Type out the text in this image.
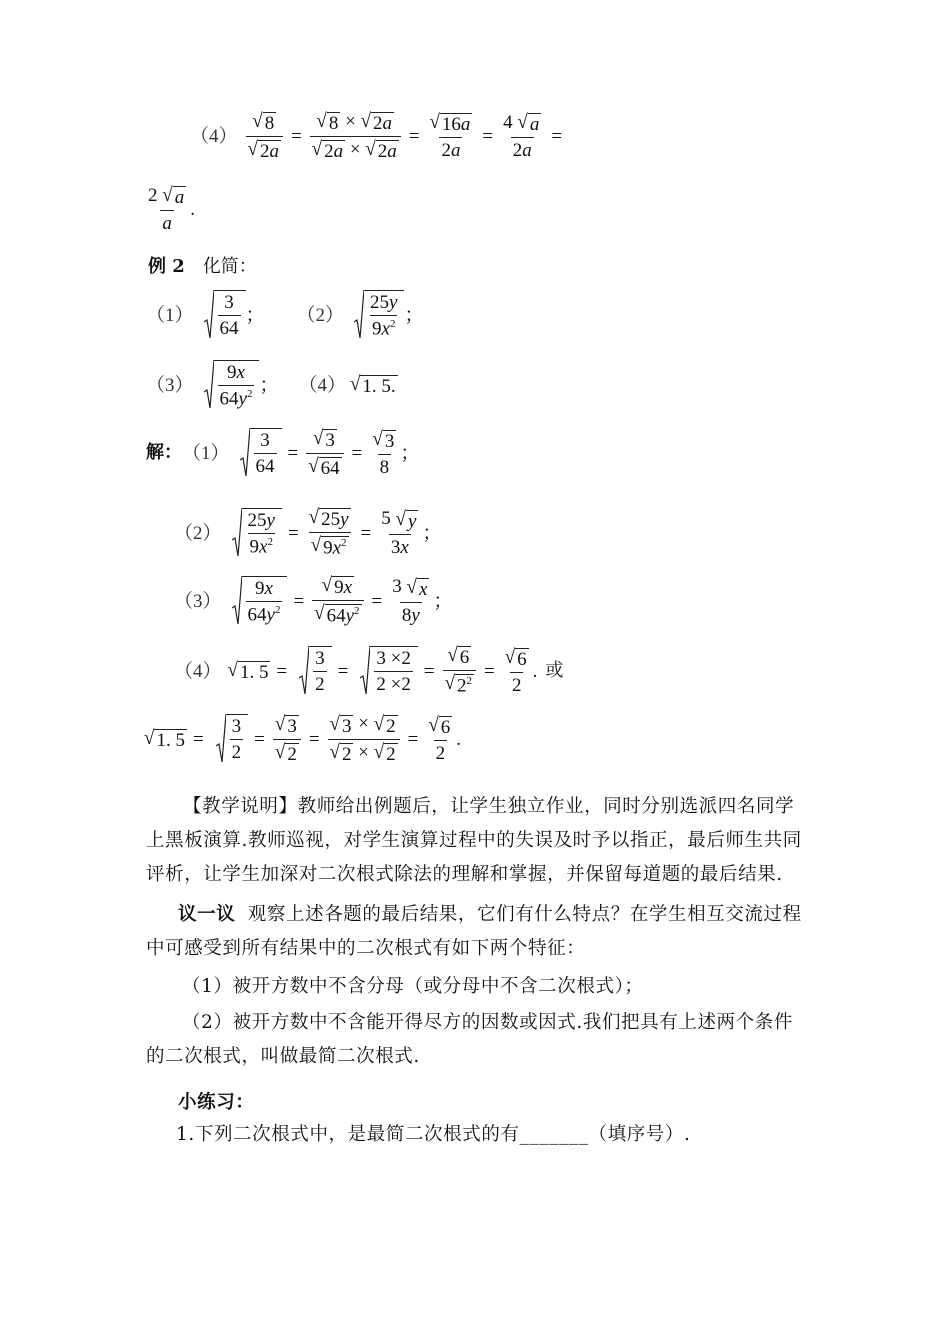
$(4) \frac{√ 8}{√ 2a} = \frac{√ 8 \times √ 2a}{√ 2a \times √ 2a} = \frac{√ 16a}{2a} = \frac{4 √ a}{2a}$ =
$\frac{2 √ a}{a}$ .
例 2 化简：
$(1) \frac{3}{64}$ ； $(2) \frac{25y}{9x^2}$ ；
$(3) \frac{9x}{64y^2}$ ； （4） √ 1. 5.
解： $(1) \frac{3}{64} = \frac{√ 3}{√ 64} = \frac{√ 3}{8}$ ；
$(2) \frac{25y}{9x^2} = \frac{√ 25y}{√ 9x^2} = \frac{5 √ y}{3x}$ ；
$(3) \frac{9x}{64y^2} = \frac{√ 9x}{√ 64y^2} = \frac{3 √ x}{8y}$ ；
（4） √ 1. $5 = \frac{3}{2} = \frac{3 \times 2}{2 \times 2} = \frac{√ 6}{√ 2^2} = \frac{√ 6}{2}$ . 或
√ 1. $5 = \frac{3}{2} = \frac{√ 3}{√ 2} = \frac{√ 3 \times √ 2}{√ 2 \times √ 2} = \frac{√ 6}{2}$ .
【教学说明】教师给出例题后，让学生独立作业，同时分别选派四名同学上黑板演算.教师巡视，对学生演算过程中的失误及时予以指正，最后师生共同评析，让学生加深对二次根式除法的理解和掌握，并保留每道题的最后结果.
议一议 观察上述各题的最后结果，它们有什么特点？在学生相互交流过程中可感受到所有结果中的二次根式有如下两个特征：
（1）被开方数中不含分母（或分母中不含二次根式）；
（2）被开方数中不含能开得尽方的因数或因式.我们把具有上述两个条件的二次根式，叫做最简二次根式.
小练习：
1.下列二次根式中，是最简二次根式的有_______（填序号）.
